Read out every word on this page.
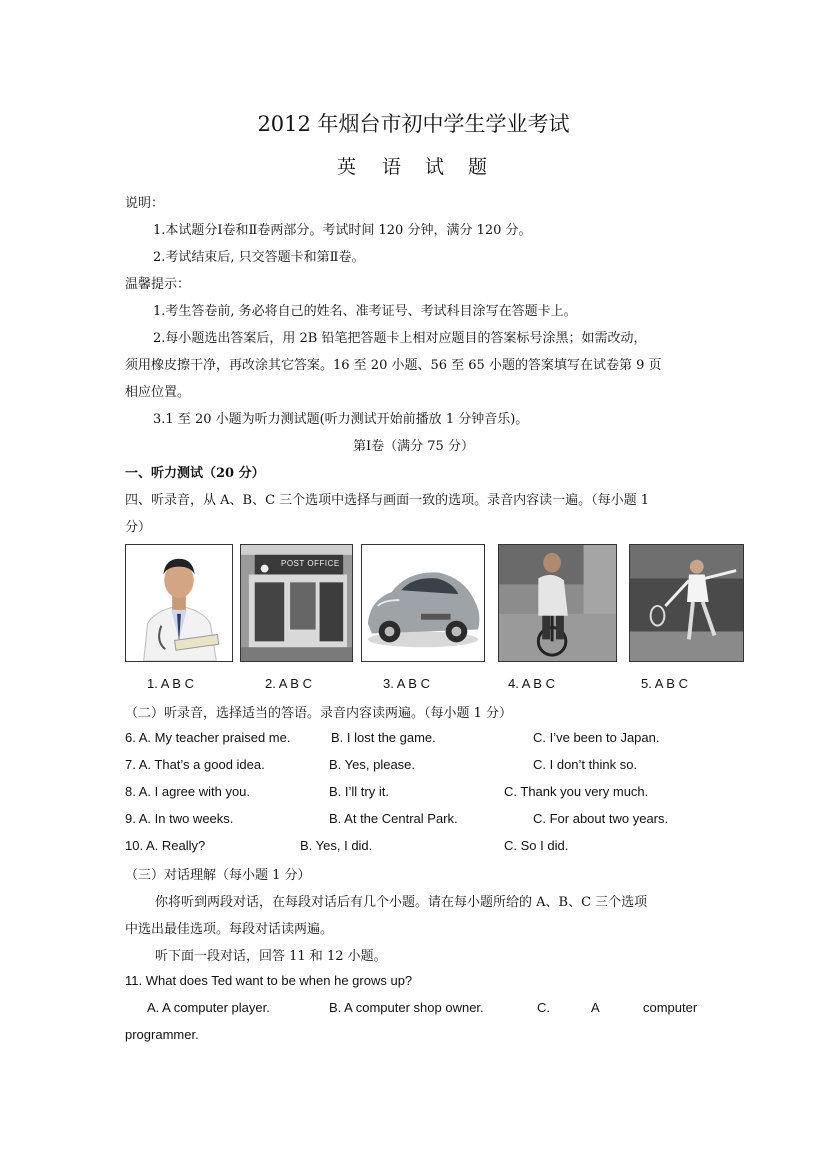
2012 年烟台市初中学生学业考试
英 语 试 题
说明：
1.本试题分Ⅰ卷和Ⅱ卷两部分。考试时间 120 分钟，满分 120 分。
2.考试结束后, 只交答题卡和第Ⅱ卷。
温馨提示：
1.考生答卷前, 务必将自己的姓名、准考证号、考试科目涂写在答题卡上。
2.每小题选出答案后，用 2B 铅笔把答题卡上相对应题目的答案标号涂黑；如需改动，
须用橡皮擦干净，再改涂其它答案。16 至 20 小题、56 至 65 小题的答案填写在试卷第 9 页
相应位置。
3.1 至 20 小题为听力测试题(听力测试开始前播放 1 分钟音乐)。
第Ⅰ卷（满分 75 分）
一、听力测试（20 分）
四、听录音，从 A、B、C 三个选项中选择与画面一致的选项。录音内容读一遍。（每小题 1
分）
POST OFFICE
1. A B C	2. A B C	3. A B C	4. A B C	5. A B C
（二）听录音，选择适当的答语。录音内容读两遍。（每小题 1 分）
6. A. My teacher praised me.	B. I lost the game.	C. I’ve been to Japan.
7. A. That’s a good idea.	B. Yes, please.	C. I don’t think so.
8. A. I agree with you.	B. I’ll try it.	C. Thank you very much.
9. A. In two weeks.	B. At the Central Park.	C. For about two years.
10. A. Really?	B. Yes, I did.	C. So I did.
（三）对话理解（每小题 1 分）
你将听到两段对话，在每段对话后有几个小题。请在每小题所给的 A、B、C 三个选项
中选出最佳选项。每段对话读两遍。
听下面一段对话，回答 11 和 12 小题。
11. What does Ted want to be when he grows up?
A. A computer player.	B. A computer shop owner.	C.	A	computer
programmer.
